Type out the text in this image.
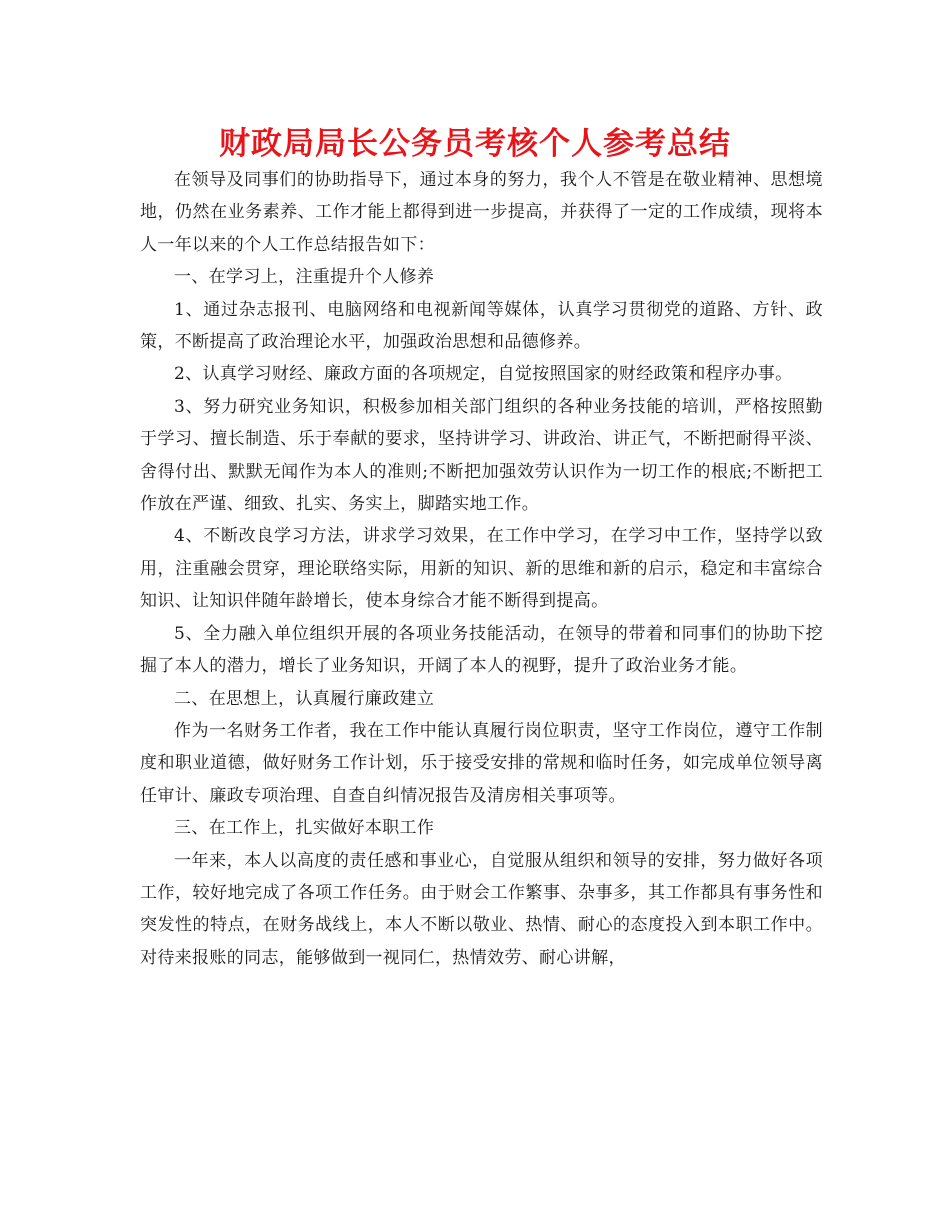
财政局局长公务员考核个人参考总结

在领导及同事们的协助指导下，通过本身的努力，我个人不管是在敬业精神、思想境地，仍然在业务素养、工作才能上都得到进一步提高，并获得了一定的工作成绩，现将本人一年以来的个人工作总结报告如下：

一、在学习上，注重提升个人修养

1、通过杂志报刊、电脑网络和电视新闻等媒体，认真学习贯彻党的道路、方针、政策，不断提高了政治理论水平，加强政治思想和品德修养。

2、认真学习财经、廉政方面的各项规定，自觉按照国家的财经政策和程序办事。

3、努力研究业务知识，积极参加相关部门组织的各种业务技能的培训，严格按照勤于学习、擅长制造、乐于奉献的要求，坚持讲学习、讲政治、讲正气，不断把耐得平淡、舍得付出、默默无闻作为本人的准则;不断把加强效劳认识作为一切工作的根底;不断把工作放在严谨、细致、扎实、务实上，脚踏实地工作。

4、不断改良学习方法，讲求学习效果，在工作中学习，在学习中工作，坚持学以致用，注重融会贯穿，理论联络实际，用新的知识、新的思维和新的启示，稳定和丰富综合知识、让知识伴随年龄增长，使本身综合才能不断得到提高。

5、全力融入单位组织开展的各项业务技能活动，在领导的带着和同事们的协助下挖掘了本人的潜力，增长了业务知识，开阔了本人的视野，提升了政治业务才能。

二、在思想上，认真履行廉政建立

作为一名财务工作者，我在工作中能认真履行岗位职责，坚守工作岗位，遵守工作制度和职业道德，做好财务工作计划，乐于接受安排的常规和临时任务，如完成单位领导离任审计、廉政专项治理、自查自纠情况报告及清房相关事项等。

三、在工作上，扎实做好本职工作

一年来，本人以高度的责任感和事业心，自觉服从组织和领导的安排，努力做好各项工作，较好地完成了各项工作任务。由于财会工作繁事、杂事多，其工作都具有事务性和突发性的特点，在财务战线上，本人不断以敬业、热情、耐心的态度投入到本职工作中。对待来报账的同志，能够做到一视同仁，热情效劳、耐心讲解，
